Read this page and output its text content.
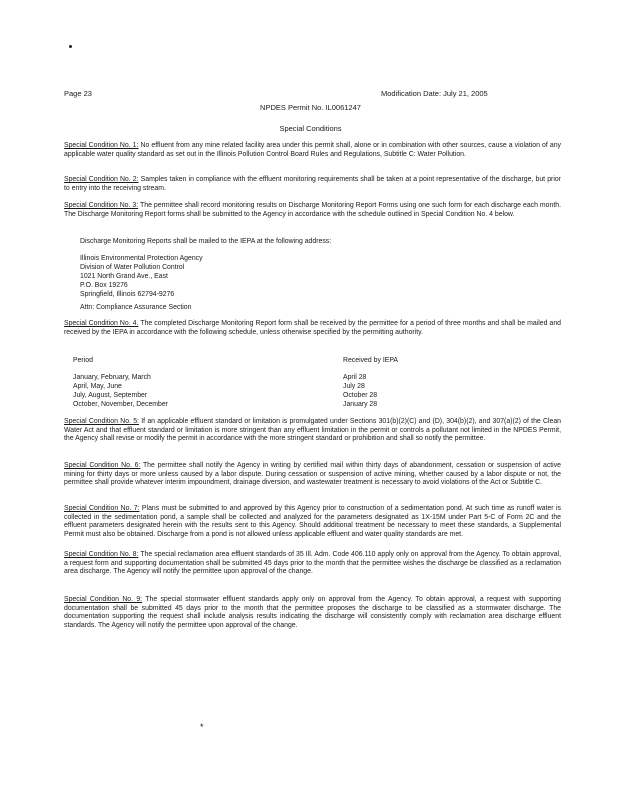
Page 23	Modification Date: July 21, 2005
NPDES Permit No. IL0061247
Special Conditions

Special Condition No. 1: No effluent from any mine related facility area under this permit shall, alone or in combination with other sources, cause a violation of any applicable water quality standard as set out in the Illinois Pollution Control Board Rules and Regulations, Subtitle C: Water Pollution.

Special Condition No. 2: Samples taken in compliance with the effluent monitoring requirements shall be taken at a point representative of the discharge, but prior to entry into the receiving stream.

Special Condition No. 3: The permittee shall record monitoring results on Discharge Monitoring Report Forms using one such form for each discharge each month. The Discharge Monitoring Report forms shall be submitted to the Agency in accordance with the schedule outlined in Special Condition No. 4 below.

Discharge Monitoring Reports shall be mailed to the IEPA at the following address:

Illinois Environmental Protection Agency

Division of Water Pollution Control

1021 North Grand Ave., East

P.O. Box 19276

Springfield, Illinois 62794-9276

Attn: Compliance Assurance Section

Special Condition No. 4. The completed Discharge Monitoring Report form shall be received by the permittee for a period of three months and shall be mailed and received by the IEPA in accordance with the following schedule, unless otherwise specified by the permitting authority.

Period	Received by IEPA
January, February, March	April 28
April, May, June	July 28
July, August, September	October 28
October, November, December	January 28

Special Condition No. 5: If an applicable effluent standard or limitation is promulgated under Sections 301(b)(2)(C) and (D), 304(b)(2), and 307(a)(2) of the Clean Water Act and that effluent standard or limitation is more stringent than any effluent limitation in the permit or controls a pollutant not limited in the NPDES Permit, the Agency shall revise or modify the permit in accordance with the more stringent standard or prohibition and shall so notify the permittee.

Special Condition No. 6: The permittee shall notify the Agency in writing by certified mail within thirty days of abandonment, cessation or suspension of active mining for thirty days or more unless caused by a labor dispute. During cessation or suspension of active mining, whether caused by a labor dispute or not, the permittee shall provide whatever interim impoundment, drainage diversion, and wastewater treatment is necessary to avoid violations of the Act or Subtitle C.

Special Condition No. 7: Plans must be submitted to and approved by this Agency prior to construction of a sedimentation pond. At such time as runoff water is collected in the sedimentation pond, a sample shall be collected and analyzed for the parameters designated as 1X-15M under Part 5-C of Form 2C and the effluent parameters designated herein with the results sent to this Agency. Should additional treatment be necessary to meet these standards, a Supplemental Permit must also be obtained. Discharge from a pond is not allowed unless applicable effluent and water quality standards are met.

Special Condition No. 8: The special reclamation area effluent standards of 35 Ill. Adm. Code 406.110 apply only on approval from the Agency. To obtain approval, a request form and supporting documentation shall be submitted 45 days prior to the month that the permittee wishes the discharge be classified as a reclamation area discharge. The Agency will notify the permittee upon approval of the change.

Special Condition No. 9: The special stormwater effluent standards apply only on approval from the Agency. To obtain approval, a request with supporting documentation shall be submitted 45 days prior to the month that the permittee proposes the discharge to be classified as a stormwater discharge. The documentation supporting the request shall include analysis results indicating the discharge will consistently comply with reclamation area discharge effluent standards. The Agency will notify the permittee upon approval of the change.

*
